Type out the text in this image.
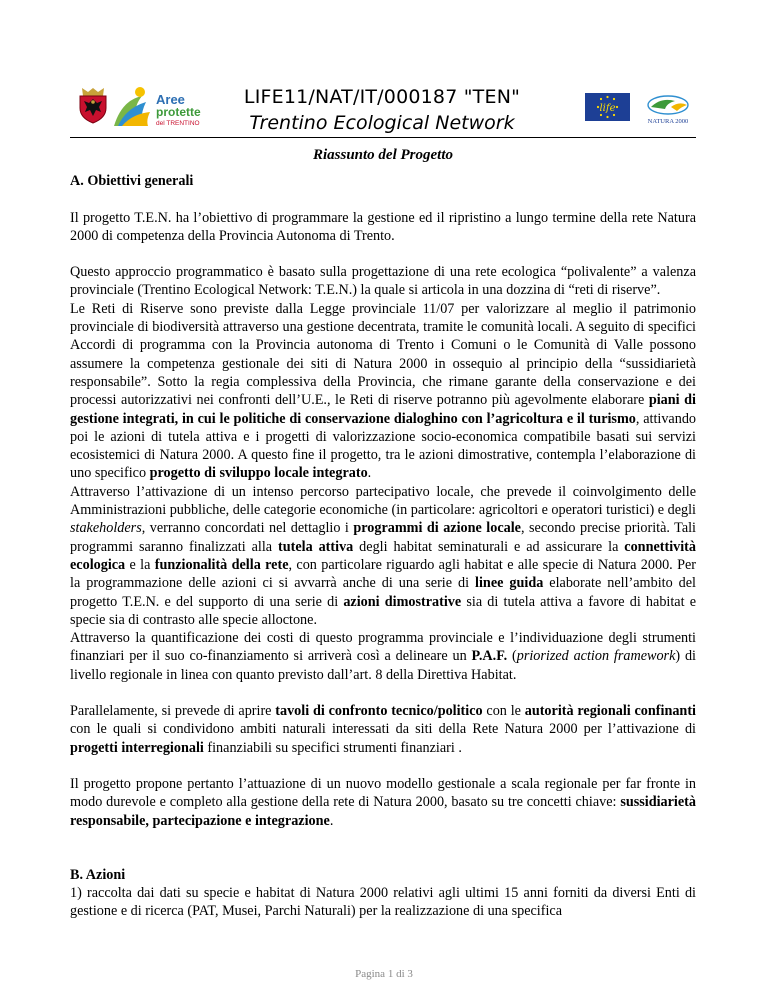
Aree
protette
del TRENTINO
LIFE11/NAT/IT/000187 "TEN"
Trentino Ecological Network
life
NATURA 2000
Riassunto del Progetto
A. Obiettivi generali

Il progetto T.E.N. ha l’obiettivo di programmare la gestione ed il ripristino a lungo termine della rete Natura 2000 di competenza della Provincia Autonoma di Trento.

Questo approccio programmatico è basato sulla progettazione di una rete ecologica “polivalente” a valenza provinciale (Trentino Ecological Network: T.E.N.) la quale si articola in una dozzina di “reti di riserve”.

Le Reti di Riserve sono previste dalla Legge provinciale 11/07 per valorizzare al meglio il patrimonio provinciale di biodiversità attraverso una gestione decentrata, tramite le comunità locali. A seguito di specifici Accordi di programma con la Provincia autonoma di Trento i Comuni o le Comunità di Valle possono assumere la competenza gestionale dei siti di Natura 2000 in ossequio al principio della “sussidiarietà responsabile”. Sotto la regia complessiva della Provincia, che rimane garante della conservazione e dei processi autorizzativi nei confronti dell’U.E., le Reti di riserve potranno più agevolmente elaborare piani di gestione integrati, in cui le politiche di conservazione dialoghino con l’agricoltura e il turismo, attivando poi le azioni di tutela attiva e i progetti di valorizzazione socio-economica compatibile basati sui servizi ecosistemici di Natura 2000. A questo fine il progetto, tra le azioni dimostrative, contempla l’elaborazione di uno specifico progetto di sviluppo locale integrato.

Attraverso l’attivazione di un intenso percorso partecipativo locale, che prevede il coinvolgimento delle Amministrazioni pubbliche, delle categorie economiche (in particolare: agricoltori e operatori turistici) e degli stakeholders, verranno concordati nel dettaglio i programmi di azione locale, secondo precise priorità. Tali programmi saranno finalizzati alla tutela attiva degli habitat seminaturali e ad assicurare la connettività ecologica e la funzionalità della rete, con particolare riguardo agli habitat e alle specie di Natura 2000. Per la programmazione delle azioni ci si avvarrà anche di una serie di linee guida elaborate nell’ambito del progetto T.E.N. e del supporto di una serie di azioni dimostrative sia di tutela attiva a favore di habitat e specie sia di contrasto alle specie alloctone.

Attraverso la quantificazione dei costi di questo programma provinciale e l’individuazione degli strumenti finanziari per il suo co-finanziamento si arriverà così a delineare un P.A.F. (priorized action framework) di livello regionale in linea con quanto previsto dall’art. 8 della Direttiva Habitat.

Parallelamente, si prevede di aprire tavoli di confronto tecnico/politico con le autorità regionali confinanti con le quali si condividono ambiti naturali interessati da siti della Rete Natura 2000 per l’attivazione di progetti interregionali finanziabili su specifici strumenti finanziari .

Il progetto propone pertanto l’attuazione di un nuovo modello gestionale a scala regionale per far fronte in modo durevole e completo alla gestione della rete di Natura 2000, basato su tre concetti chiave: sussidiarietà responsabile, partecipazione e integrazione.

B. Azioni

1) raccolta dai dati su specie e habitat di Natura 2000 relativi agli ultimi 15 anni forniti da diversi Enti di gestione e di ricerca (PAT, Musei, Parchi Naturali) per la realizzazione di una specifica

Pagina 1 di 3
